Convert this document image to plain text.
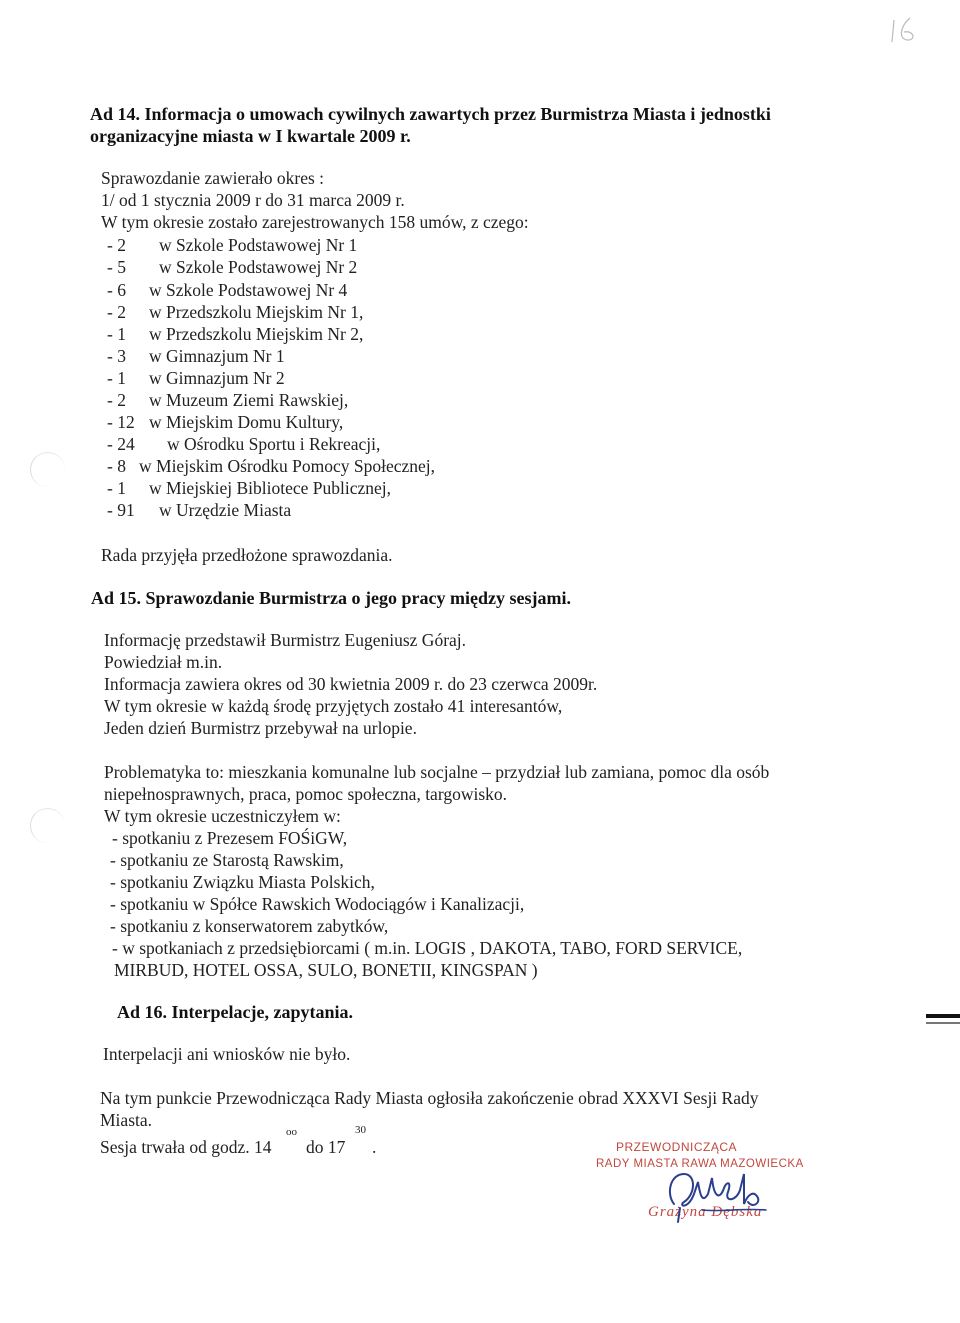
Ad 14. Informacja o umowach cywilnych zawartych przez Burmistrza Miasta i jednostki
organizacyjne miasta w I kwartale 2009 r.
Sprawozdanie zawierało okres :
1/ od 1 stycznia 2009 r do 31 marca 2009 r.
W tym okresie zostało zarejestrowanych 158 umów, z czego:
- 2 w Szkole Podstawowej Nr 1
- 5 w Szkole Podstawowej Nr 2
- 6 w Szkole Podstawowej Nr 4
- 2 w Przedszkolu Miejskim Nr 1,
- 1 w Przedszkolu Miejskim Nr 2,
- 3 w Gimnazjum Nr 1
- 1 w Gimnazjum Nr 2
- 2 w Muzeum Ziemi Rawskiej,
- 12 w Miejskim Domu Kultury,
- 24 w Ośrodku Sportu i Rekreacji,
- 8 w Miejskim Ośrodku Pomocy Społecznej,
- 1 w Miejskiej Bibliotece Publicznej,
- 91 w Urzędzie Miasta
Rada przyjęła przedłożone sprawozdania.
Ad 15. Sprawozdanie Burmistrza o jego pracy między sesjami.
Informację przedstawił Burmistrz Eugeniusz Góraj.
Powiedział m.in.
Informacja zawiera okres od 30 kwietnia 2009 r. do 23 czerwca 2009r.
W tym okresie w każdą środę przyjętych zostało 41 interesantów,
Jeden dzień Burmistrz przebywał na urlopie.
Problematyka to: mieszkania komunalne lub socjalne – przydział lub zamiana, pomoc dla osób
niepełnosprawnych, praca, pomoc społeczna, targowisko.
W tym okresie uczestniczyłem w:
- spotkaniu z Prezesem FOŚiGW,
- spotkaniu ze Starostą Rawskim,
- spotkaniu Związku Miasta Polskich,
- spotkaniu w Spółce Rawskich Wodociągów i Kanalizacji,
- spotkaniu z konserwatorem zabytków,
- w spotkaniach z przedsiębiorcami ( m.in. LOGIS , DAKOTA, TABO, FORD SERVICE,
MIRBUD, HOTEL OSSA, SULO, BONETII, KINGSPAN )
Ad 16. Interpelacje, zapytania.
Interpelacji ani wniosków nie było.
Na tym punkcie Przewodnicząca Rady Miasta ogłosiła zakończenie obrad XXXVI Sesji Rady
Miasta.
Sesja trwała od godz. 14
oo
do 17
30
.	PRZEWODNICZĄCA
RADY MIASTA RAWA MAZOWIECKA
Grażyna Dębska
